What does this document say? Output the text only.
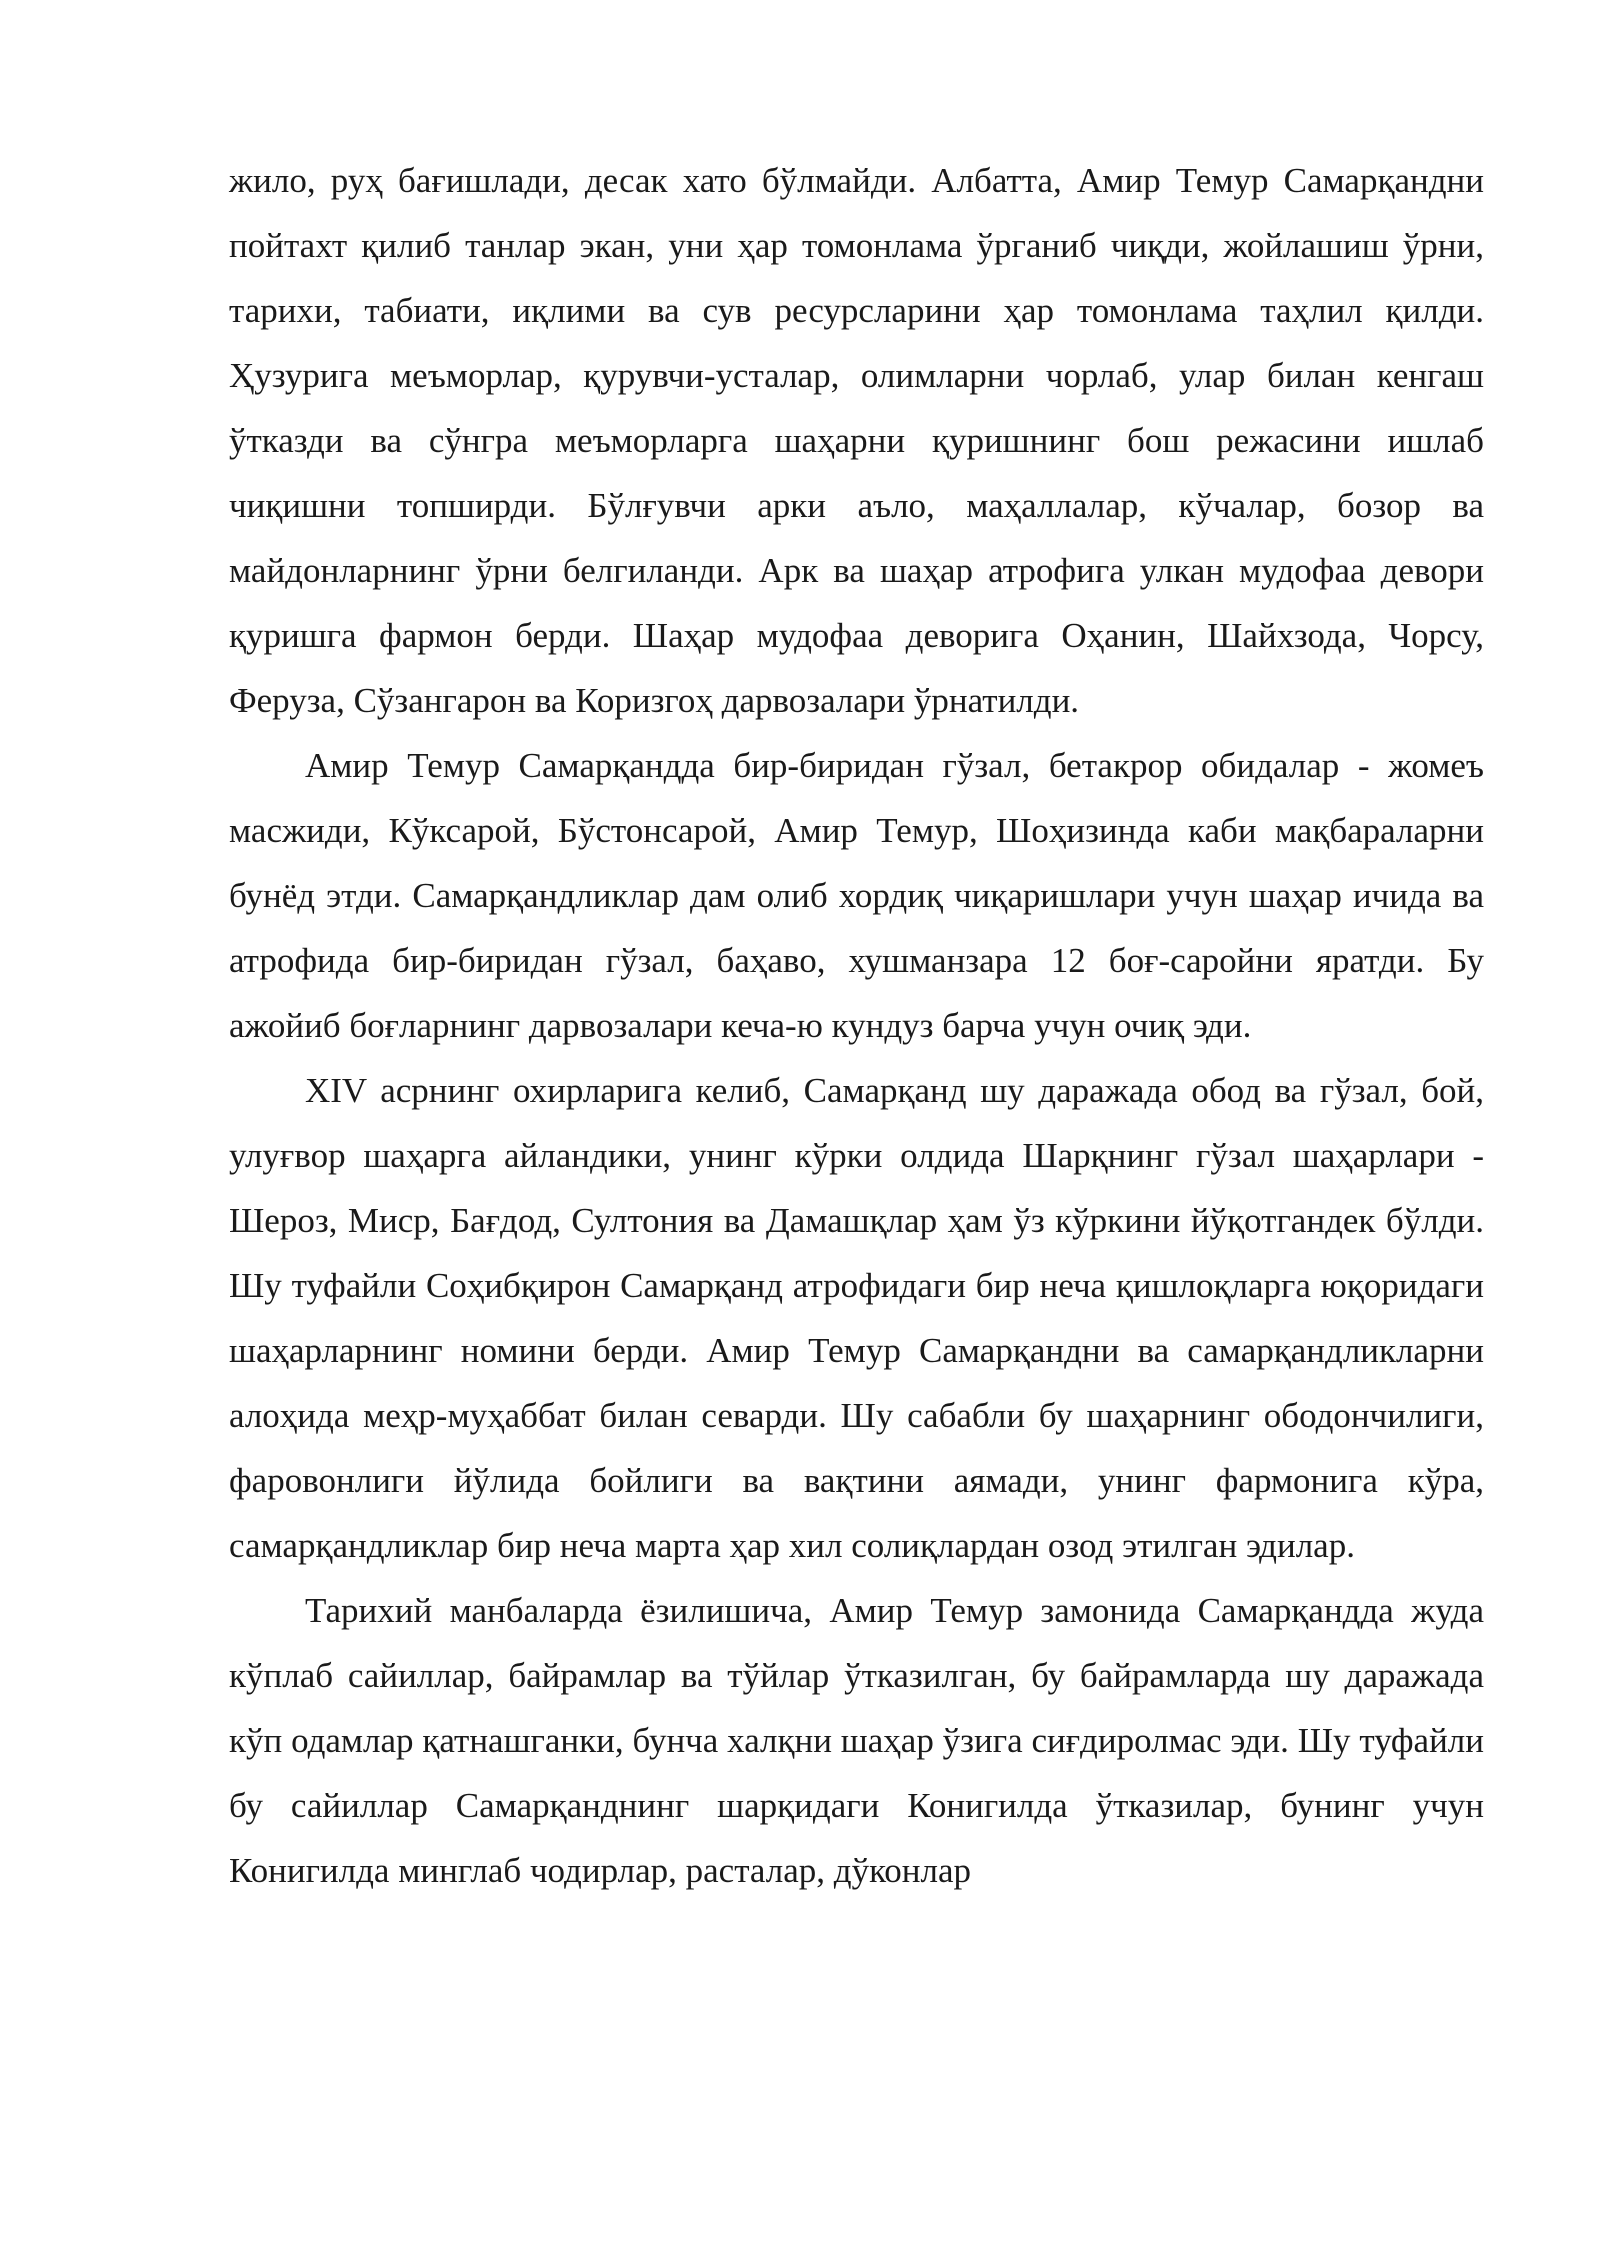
жило, руҳ бағишлади, десак хато бўлмайди. Албатта, Амир Темур Самарқандни пойтахт қилиб танлар экан, уни ҳар томонлама ўрганиб чиқди, жойлашиш ўрни, тарихи, табиати, иқлими ва сув ресурсларини ҳар томонлама таҳлил қилди. Ҳузурига меъморлар, қурувчи-усталар, олимларни чорлаб, улар билан кенгаш ўтказди ва сўнгра меъморларга шаҳарни қуришнинг бош режасини ишлаб чиқишни топширди. Бўлғувчи арки аъло, маҳаллалар, кўчалар, бозор ва майдонларнинг ўрни белгиланди. Арк ва шаҳар атрофига улкан мудофаа девори қуришга фармон берди. Шаҳар мудофаа деворига Оҳанин, Шайхзода, Чорсу, Феруза, Сўзангарон ва Коризгоҳ дарвозалари ўрнатилди.

Амир Темур Самарқандда бир-биридан гўзал, бетакрор обидалар - жомеъ масжиди, Кўксарой, Бўстонсарой, Амир Темур, Шоҳизинда каби мақбараларни бунёд этди. Самарқандликлар дам олиб хордиқ чиқаришлари учун шаҳар ичида ва атрофида бир-биридан гўзал, баҳаво, хушманзара 12 боғ-саройни яратди. Бу ажойиб боғларнинг дарвозалари кеча-ю кундуз барча учун очиқ эди.

XIV асрнинг охирларига келиб, Самарқанд шу даражада обод ва гўзал, бой, улуғвор шаҳарга айландики, унинг кўрки олдида Шарқнинг гўзал шаҳарлари - Шероз, Миср, Бағдод, Султония ва Дамашқлар ҳам ўз кўркини йўқотгандек бўлди. Шу туфайли Соҳибқирон Самарқанд атрофидаги бир неча қишлоқларга юқоридаги шаҳарларнинг номини берди. Амир Темур Самарқандни ва самарқандликларни алоҳида меҳр-муҳаббат билан севарди. Шу сабабли бу шаҳарнинг ободончилиги, фаровонлиги йўлида бойлиги ва вақтини аямади, унинг фармонига кўра, самарқандликлар бир неча марта ҳар хил солиқлардан озод этилган эдилар.

Тарихий манбаларда ёзилишича, Амир Темур замонида Самарқандда жуда кўплаб сайиллар, байрамлар ва тўйлар ўтказилган, бу байрамларда шу даражада кўп одамлар қатнашганки, бунча халқни шаҳар ўзига сиғдиролмас эди. Шу туфайли бу сайиллар Самарқанднинг шарқидаги Конигилда ўтказилар, бунинг учун Конигилда минглаб чодирлар, расталар, дўконлар
